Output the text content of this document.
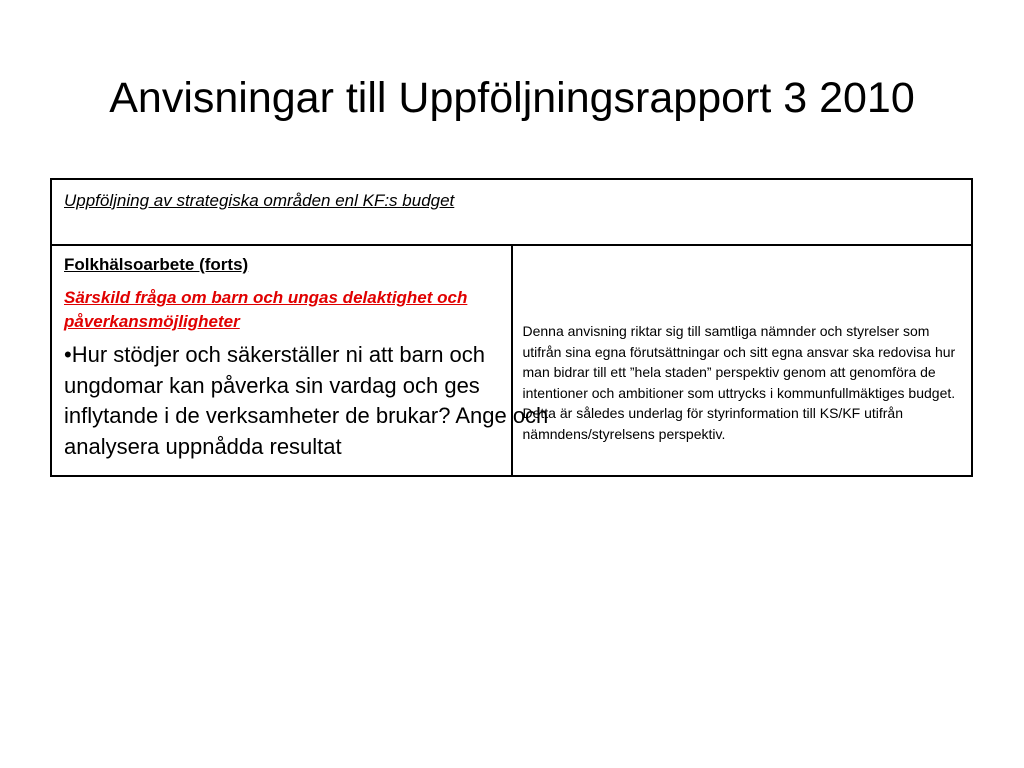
Anvisningar till Uppföljningsrapport 3 2010
Uppföljning av strategiska områden enl KF:s budget

Folkhälsoarbete (forts)
Särskild fråga om barn och ungas delaktighet och påverkansmöjligheter
•Hur stödjer och säkerställer ni att barn och ungdomar kan påverka sin vardag och ges inflytande i de verksamheter de brukar? Ange och analysera uppnådda resultat

Denna anvisning riktar sig till samtliga nämnder och styrelser som utifrån sina egna förutsättningar och sitt egna ansvar ska redovisa hur man bidrar till ett ”hela staden” perspektiv genom att genomföra de intentioner och ambitioner som uttrycks i kommunfullmäktiges budget. Detta är således underlag för styrinformation till KS/KF utifrån nämndens/styrelsens perspektiv.
